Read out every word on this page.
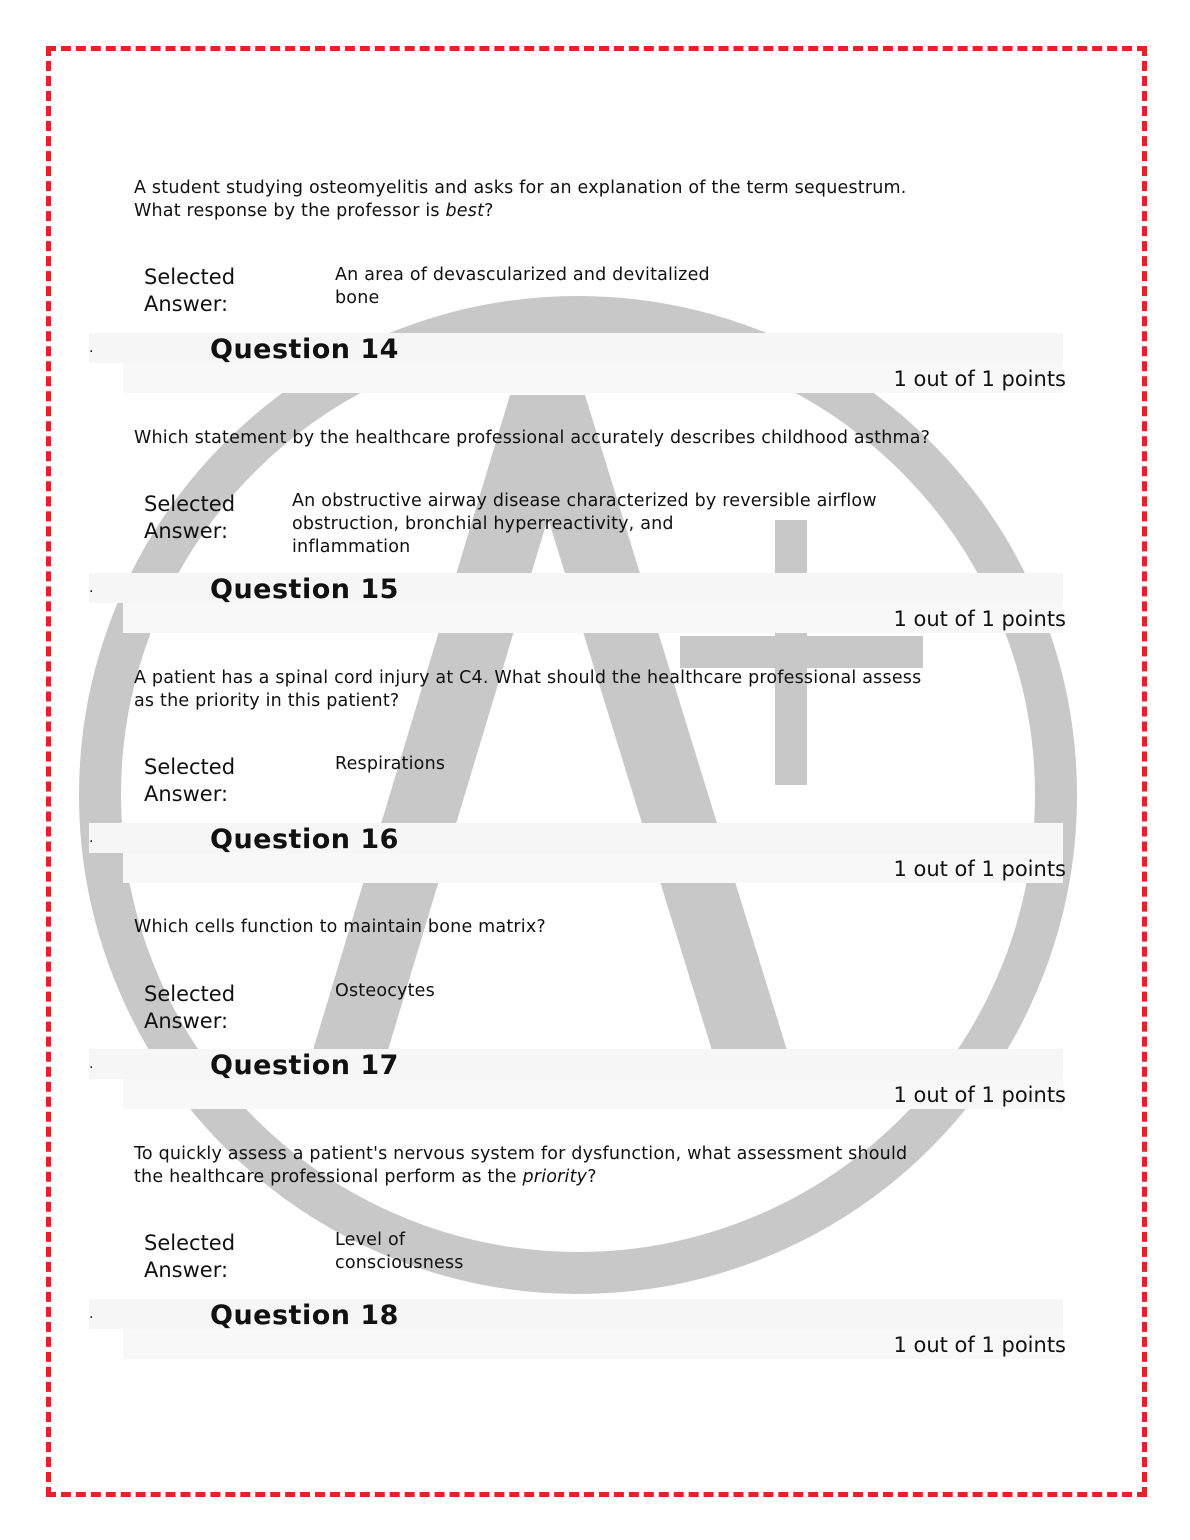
A student studying osteomyelitis and asks for an explanation of the term sequestrum.
What response by the professor is best?
Selected
Answer:
An area of devascularized and devitalized
bone
·	Question 14
1 out of 1 points
Which statement by the healthcare professional accurately describes childhood asthma?
Selected
Answer:
An obstructive airway disease characterized by reversible airflow
obstruction, bronchial hyperreactivity, and
inflammation
·	Question 15
1 out of 1 points
A patient has a spinal cord injury at C4. What should the healthcare professional assess
as the priority in this patient?
Selected
Answer:
Respirations
·	Question 16
1 out of 1 points
Which cells function to maintain bone matrix?
Selected
Answer:
Osteocytes
·	Question 17
1 out of 1 points
To quickly assess a patient's nervous system for dysfunction, what assessment should
the healthcare professional perform as the priority?
Selected
Answer:
Level of
consciousness
·	Question 18
1 out of 1 points
